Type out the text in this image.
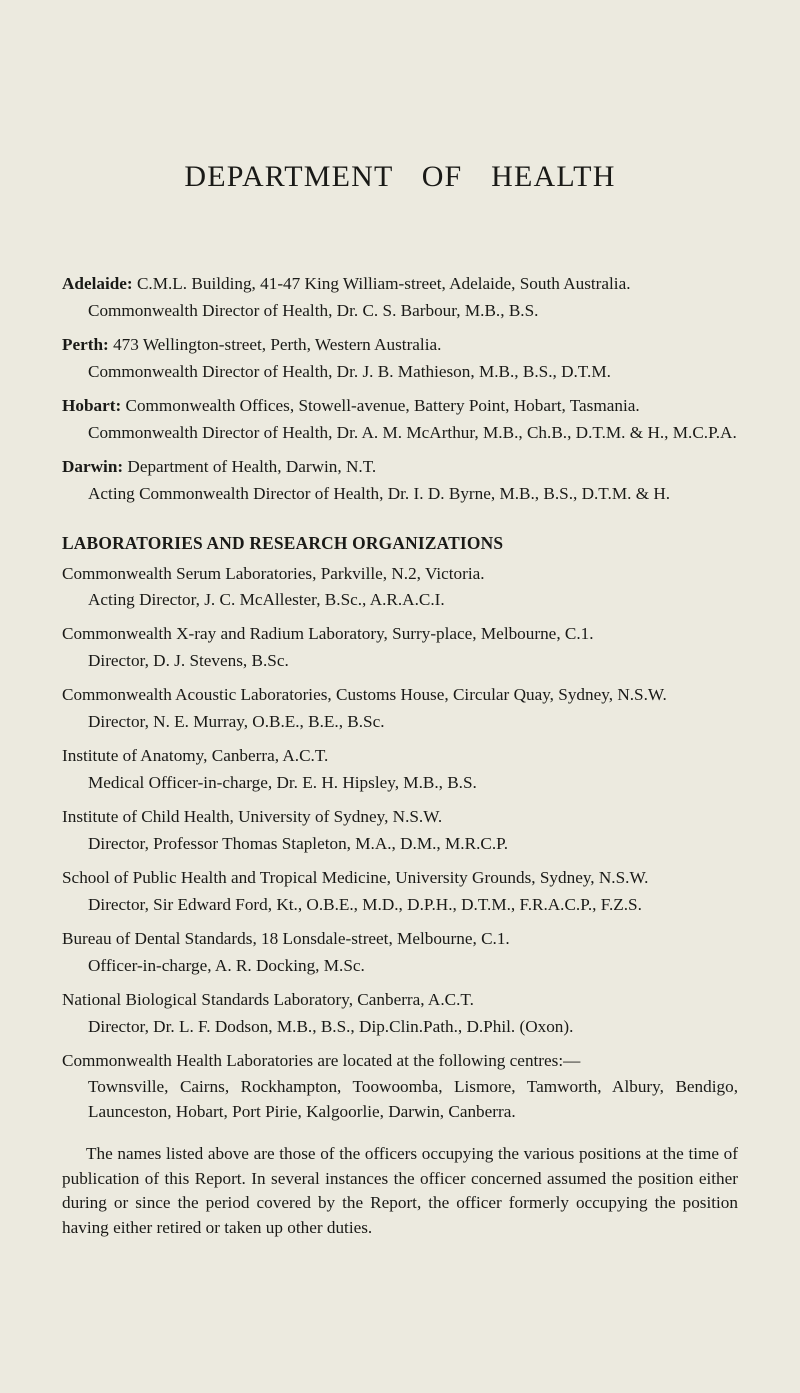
DEPARTMENT OF HEALTH

Adelaide: C.M.L. Building, 41-47 King William-street, Adelaide, South Australia.

Commonwealth Director of Health, Dr. C. S. Barbour, M.B., B.S.

Perth: 473 Wellington-street, Perth, Western Australia.

Commonwealth Director of Health, Dr. J. B. Mathieson, M.B., B.S., D.T.M.

Hobart: Commonwealth Offices, Stowell-avenue, Battery Point, Hobart, Tasmania.

Commonwealth Director of Health, Dr. A. M. McArthur, M.B., Ch.B., D.T.M. & H., M.C.P.A.

Darwin: Department of Health, Darwin, N.T.

Acting Commonwealth Director of Health, Dr. I. D. Byrne, M.B., B.S., D.T.M. & H.

LABORATORIES AND RESEARCH ORGANIZATIONS

Commonwealth Serum Laboratories, Parkville, N.2, Victoria.

Acting Director, J. C. McAllester, B.Sc., A.R.A.C.I.

Commonwealth X-ray and Radium Laboratory, Surry-place, Melbourne, C.1.

Director, D. J. Stevens, B.Sc.

Commonwealth Acoustic Laboratories, Customs House, Circular Quay, Sydney, N.S.W.

Director, N. E. Murray, O.B.E., B.E., B.Sc.

Institute of Anatomy, Canberra, A.C.T.

Medical Officer-in-charge, Dr. E. H. Hipsley, M.B., B.S.

Institute of Child Health, University of Sydney, N.S.W.

Director, Professor Thomas Stapleton, M.A., D.M., M.R.C.P.

School of Public Health and Tropical Medicine, University Grounds, Sydney, N.S.W.

Director, Sir Edward Ford, Kt., O.B.E., M.D., D.P.H., D.T.M., F.R.A.C.P., F.Z.S.

Bureau of Dental Standards, 18 Lonsdale-street, Melbourne, C.1.

Officer-in-charge, A. R. Docking, M.Sc.

National Biological Standards Laboratory, Canberra, A.C.T.

Director, Dr. L. F. Dodson, M.B., B.S., Dip.Clin.Path., D.Phil. (Oxon).

Commonwealth Health Laboratories are located at the following centres:—

Townsville, Cairns, Rockhampton, Toowoomba, Lismore, Tamworth, Albury, Bendigo, Launceston, Hobart, Port Pirie, Kalgoorlie, Darwin, Canberra.

The names listed above are those of the officers occupying the various positions at the time of publication of this Report. In several instances the officer concerned assumed the position either during or since the period covered by the Report, the officer formerly occupying the position having either retired or taken up other duties.
